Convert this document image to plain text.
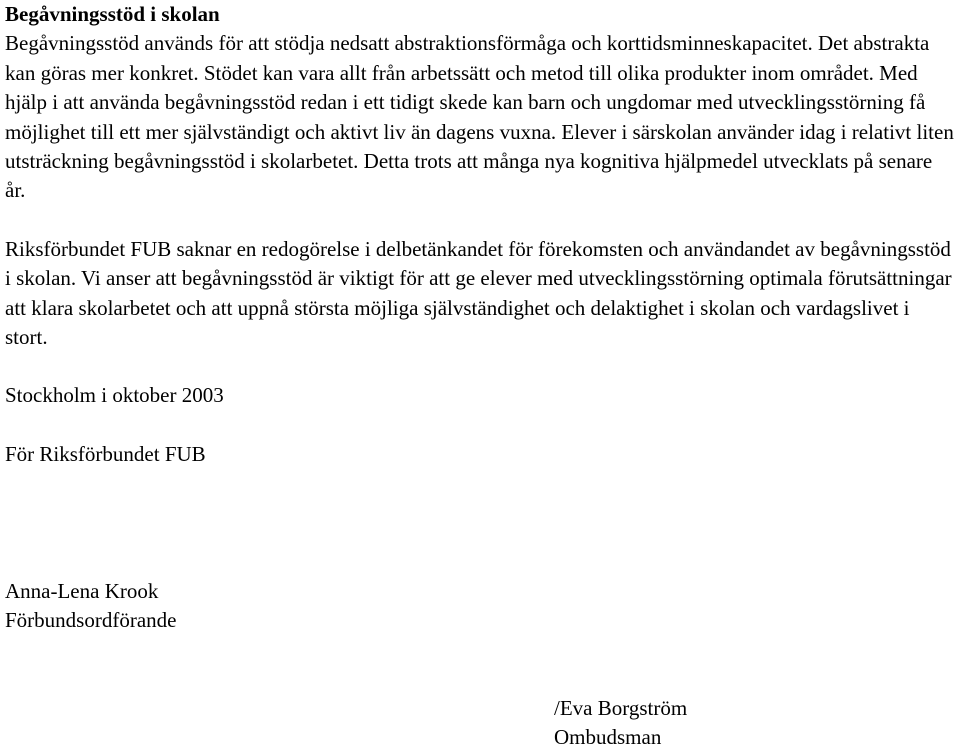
Begåvningsstöd i skolan

Begåvningsstöd används för att stödja nedsatt abstraktionsförmåga och korttidsminneskapacitet. Det abstrakta kan göras mer konkret. Stödet kan vara allt från arbetssätt och metod till olika produkter inom området. Med hjälp i att använda begåvningsstöd redan i ett tidigt skede kan barn och ungdomar med utvecklingsstörning få möjlighet till ett mer självständigt och aktivt liv än dagens vuxna. Elever i särskolan använder idag i relativt liten utsträckning begåvningsstöd i skolarbetet. Detta trots att många nya kognitiva hjälpmedel utvecklats på senare år.

Riksförbundet FUB saknar en redogörelse i delbetänkandet för förekomsten och användandet av begåvningsstöd i skolan. Vi anser att begåvningsstöd är viktigt för att ge elever med utvecklingsstörning optimala förutsättningar att klara skolarbetet och att uppnå största möjliga självständighet och delaktighet i skolan och vardagslivet i stort.

Stockholm i oktober 2003

För Riksförbundet FUB

Anna-Lena Krook

Förbundsordförande

/Eva Borgström

Ombudsman
